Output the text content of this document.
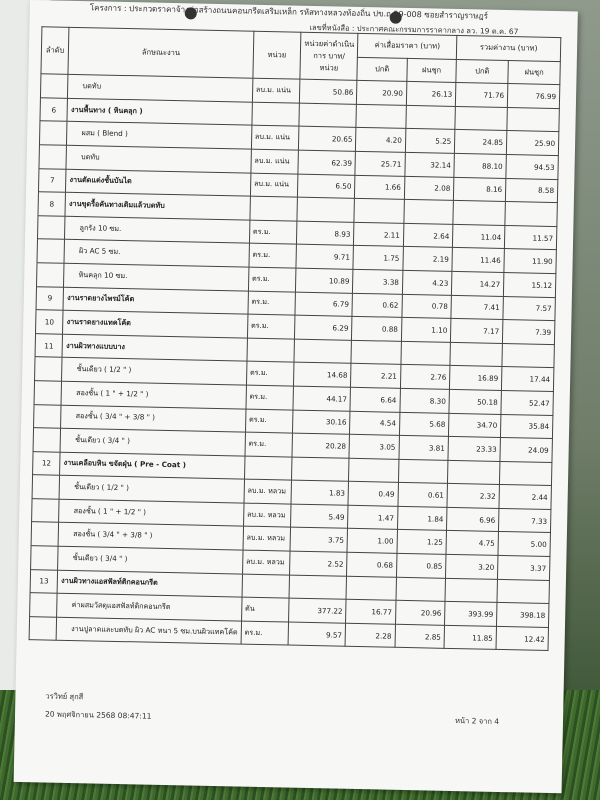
โครงการ : ประกวดราคาจ้างก่อสร้างถนนคอนกรีตเสริมเหล็ก รหัสทางหลวงท้องถิ่น ปข.ถ.59-008 ซอยสำราญราษฎร์
เลขที่หนังสือ : ประกาศคณะกรรมการราคากลาง ลว. 19 ต.ค. 67
ลำดับ	ลักษณะงาน	หน่วย	หน่วยค่าดำเนินการ บาท/หน่วย	ค่าเสื่อมราคา (บาท)		รวมค่างาน (บาท)	
				ปกติ	ฝนชุก	ปกติ	ฝนชุก
	บดทับ	ลบ.ม. แน่น	50.86	20.90	26.13	71.76	76.99
6	งานพื้นทาง ( หินคลุก )						
	ผสม ( Blend )	ลบ.ม. แน่น	20.65	4.20	5.25	24.85	25.90
	บดทับ	ลบ.ม. แน่น	62.39	25.71	32.14	88.10	94.53
7	งานตัดแต่งชั้นบันได	ลบ.ม. แน่น	6.50	1.66	2.08	8.16	8.58
8	งานขุดรื้อคันทางเดิมแล้วบดทับ						
	ลูกรัง 10 ซม.	ตร.ม.	8.93	2.11	2.64	11.04	11.57
	ผิว AC 5 ซม.	ตร.ม.	9.71	1.75	2.19	11.46	11.90
	หินคลุก 10 ซม.	ตร.ม.	10.89	3.38	4.23	14.27	15.12
9	งานราดยางไพรม์โค้ต	ตร.ม.	6.79	0.62	0.78	7.41	7.57
10	งานราดยางแทคโค้ต	ตร.ม.	6.29	0.88	1.10	7.17	7.39
11	งานผิวทางแบบบาง						
	ชั้นเดียว ( 1/2 " )	ตร.ม.	14.68	2.21	2.76	16.89	17.44
	สองชั้น ( 1 " + 1/2 " )	ตร.ม.	44.17	6.64	8.30	50.18	52.47
	สองชั้น ( 3/4 " + 3/8 " )	ตร.ม.	30.16	4.54	5.68	34.70	35.84
	ชั้นเดียว ( 3/4 " )	ตร.ม.	20.28	3.05	3.81	23.33	24.09
12	งานเคลือบหิน ขจัดฝุ่น ( Pre - Coat )						
	ชั้นเดียว ( 1/2 " )	ลบ.ม. หลวม	1.83	0.49	0.61	2.32	2.44
	สองชั้น ( 1 " + 1/2 " )	ลบ.ม. หลวม	5.49	1.47	1.84	6.96	7.33
	สองชั้น ( 3/4 " + 3/8 " )	ลบ.ม. หลวม	3.75	1.00	1.25	4.75	5.00
	ชั้นเดียว ( 3/4 " )	ลบ.ม. หลวม	2.52	0.68	0.85	3.20	3.37
13	งานผิวทางแอสฟัลท์ติกคอนกรีต						
	ค่าผสมวัสดุแอสฟัลท์ติกคอนกรีต	ตัน	377.22	16.77	20.96	393.99	398.18
	งานปูลาดและบดทับ ผิว AC หนา 5 ซม.บนผิวแทคโค้ต	ตร.ม.	9.57	2.28	2.85	11.85	12.42
วรวิทย์ สุกสี
20 พฤศจิกายน 2568 08:47:11
หน้า 2 จาก 4
